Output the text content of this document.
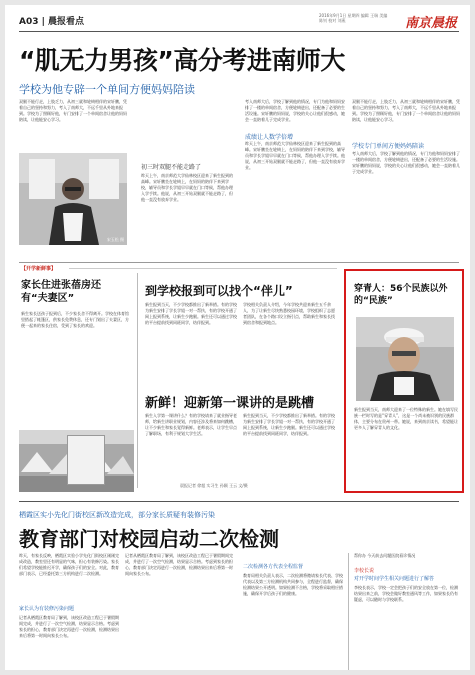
A03 | 晨报看点
2016年9月1日 星期四 编辑 王瑞 美编 陈钊 校对 刘燕	南京晨报
“肌无力男孩”高分考进南师大
学校为他专辟一个单间方便妈妈陪读
双腿不能行走，上肢乏力，从初三就和轮椅相伴的宋轩鹏，凭着自己的坚持和努力，考入了南师大，不远千里从外地来报到。学校为了照顾好他，专门安排了一个单间宿舍让他的妈妈陪读，让他能安心学习。
宋玉松 摄
初三时双腿不能走路了
昨天上午，南京师范大学仙林校区迎来了新生报到的高峰。宋轩鹏坐在轮椅上，在妈妈的陪伴下来到学校，辅导员和学长学姐早早就在门口等候，帮他办理入学手续。他说，从初三开始双腿就不能走路了，但他一直没有放弃学业。
考入南师大后，学校了解到他的情况，专门为他和妈妈安排了一楼的单间宿舍，方便轮椅进出，还配备了必要的生活设施。宋轩鹏的妈妈说，学校的关心让他们很感动，她会一直陪着儿子完成学业。
成绩让人数学倍增
昨天上午，南京师范大学仙林校区迎来了新生报到的高峰。宋轩鹏坐在轮椅上，在妈妈的陪伴下来到学校，辅导员和学长学姐早早就在门口等候，帮他办理入学手续。他说，从初三开始双腿就不能走路了，但他一直没有放弃学业。
双腿不能行走，上肢乏力，从初三就和轮椅相伴的宋轩鹏，凭着自己的坚持和努力，考入了南师大，不远千里从外地来报到。学校为了照顾好他，专门安排了一个单间宿舍让他的妈妈陪读，让他能安心学习。
学校专门单间方便妈妈陪读
考入南师大后，学校了解到他的情况，专门为他和妈妈安排了一楼的单间宿舍，方便轮椅进出，还配备了必要的生活设施。宋轩鹏的妈妈说，学校的关心让他们很感动，她会一直陪着儿子完成学业。
【开学新鲜事】
家长住进张蓓房还有“夫妻区”
新生家长送孩子报到后，不少家长舍不得离开。学校在体育馆里搭起了帐篷区，供家长免费休息，还专门划出了夫妻区，方便一起来的家长住宿，受到了家长的欢迎。
到学校报到可以找个“伴儿”
新生报到当天，不少学校都推出了新举措。有的学校为新生安排了学长学姐一对一帮扶，有的学校开通了网上报到系统，让新生少跑腿。新生还可以通过学校的平台提前找到同班同学，结伴报到。
学校相关负责人介绍，今年学校共迎来新生五千余人，为了让新生尽快熟悉校园环境，学校组织了志愿者团队，在各个路口设立指引点，帮助新生和家长找到宿舍和报到地点。
新鲜！迎新第一课讲的是跳槽
新生入学第一课讲什么？有的学校请来了就业指导老师，给新生讲职业规划，内容还涉及将来如何跳槽，让不少新生和家长觉得新鲜。老师表示，让学生早点了解职场，有利于规划大学生活。
新生报到当天，不少学校都推出了新举措。有的学校为新生安排了学长学姐一对一帮扶，有的学校开通了网上报到系统，让新生少跑腿。新生还可以通过学校的平台提前找到同班同学，结伴报到。
晨报记者 徐超 实习生 孙颖 王云 文/摄
穿青人：56个民族以外的“民族”
新生报到当天，南师大迎来了一位特殊的新生。她在填写民族一栏时写的是“穿青人”，这是一个尚未被识别的民族群体，主要分布在贵州一带。她说，来到南京读书，希望能让更多人了解穿青人的文化。
栖霞区实小先化门街校区新改造完成，部分家长质疑有装修污染
教育部门对校园启动二次检测
昨天，有家长反映，栖霞区实验小学先化门街校区刚刚完成改造，教室里还有明显的气味，担心有装修污染。家长们希望学校能推迟开学，确保孩子们的安全。对此，教育部门表示，已经委托第三方机构进行二次检测。
家长认为有装修污染问题
记者从栖霞区教育局了解到，该校区改造工程已于暑假期间完成，并进行了一次空气检测，结果显示合格。考虑到家长的担心，教育部门决定再进行一次检测，检测结果出来后将第一时间向家长公布。
记者从栖霞区教育局了解到，该校区改造工程已于暑假期间完成，并进行了一次空气检测，结果显示合格。考虑到家长的担心，教育部门决定再进行一次检测，检测结果出来后将第一时间向家长公布。
二次检测各方代表全程监督
教育局相关负责人表示，二次检测将邀请家长代表、学校代表以及第三方检测机构共同参与，全程进行监督，确保检测结果公开透明。如果检测不合格，学校将采取相应措施，确保开学后孩子们的健康。
帮你办 今天前去问题医院看诊情况
李校长说
对开学时间学生相关问题进行了解答
李校长表示，学校一定会把孩子们的安全放在第一位，检测结果出来之前，学校会做好教室通风等工作，如果家长仍有疑虑，可以随时与学校联系。
